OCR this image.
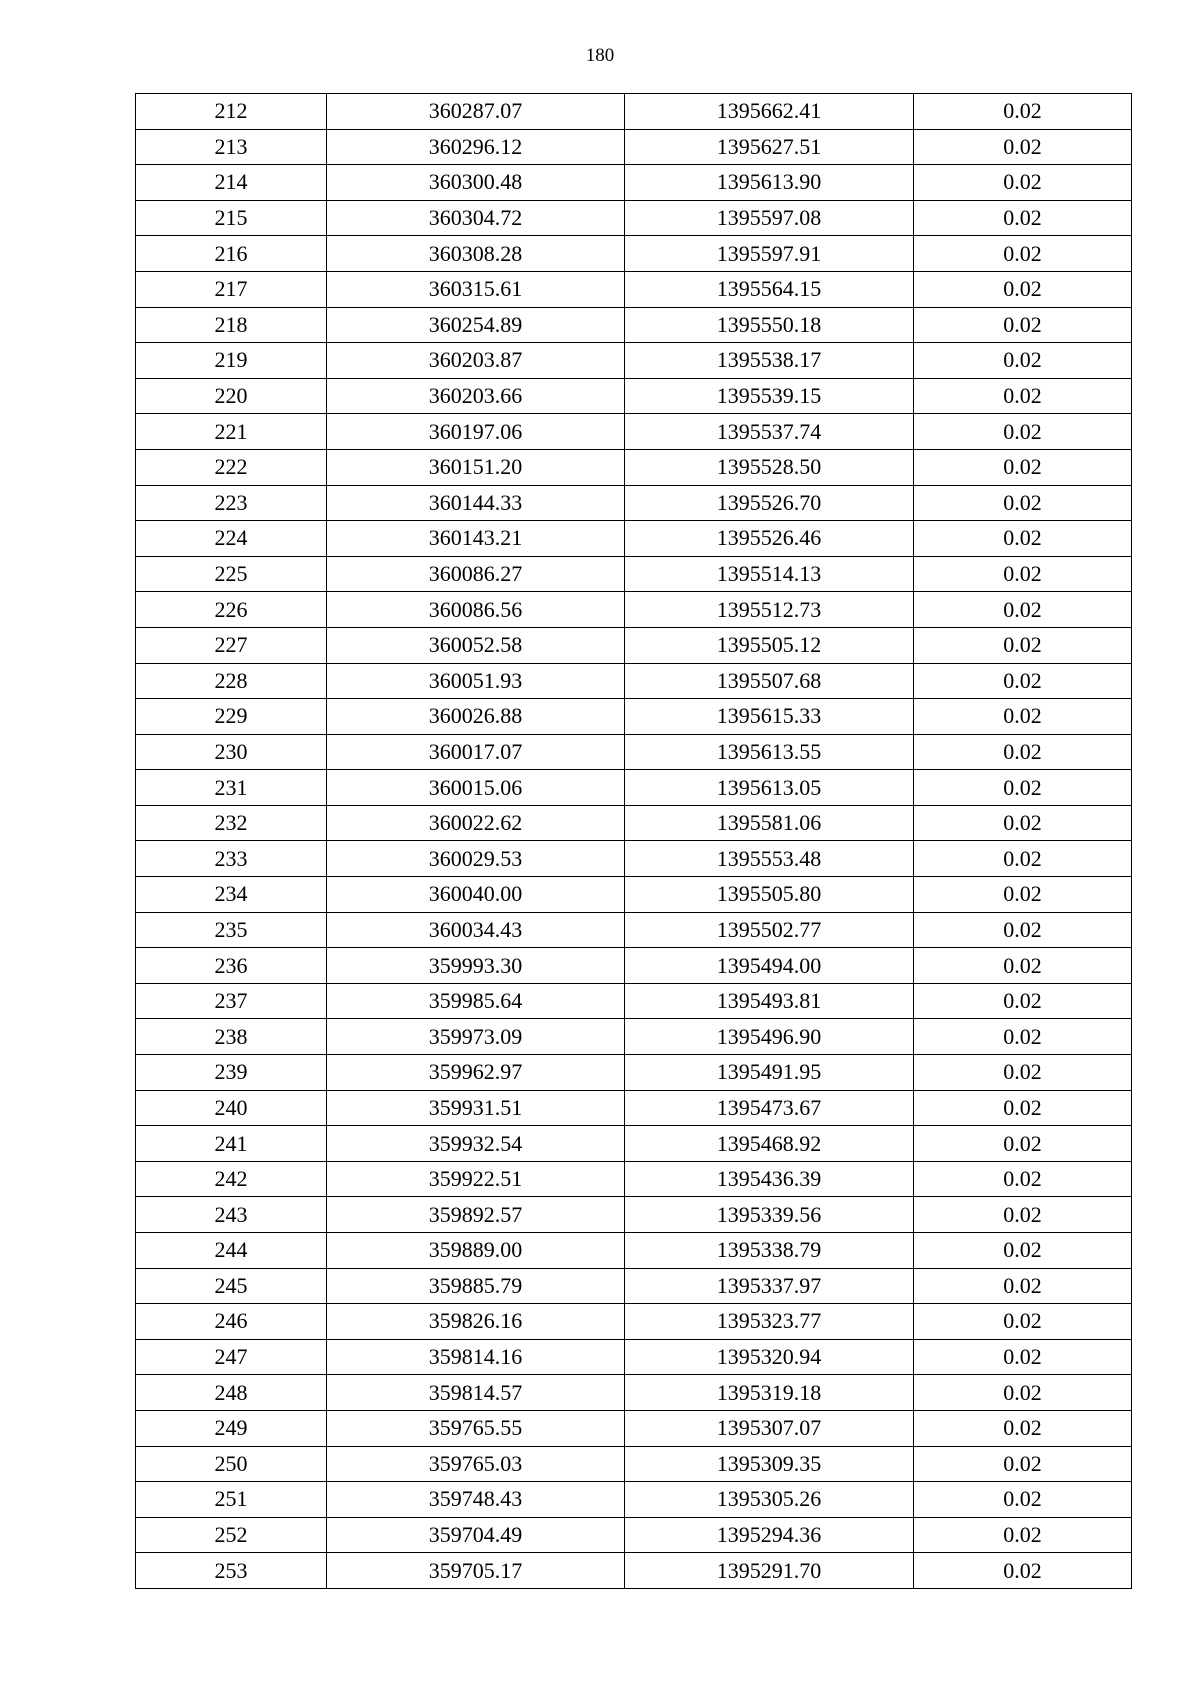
180
212	360287.07	1395662.41	0.02
213	360296.12	1395627.51	0.02
214	360300.48	1395613.90	0.02
215	360304.72	1395597.08	0.02
216	360308.28	1395597.91	0.02
217	360315.61	1395564.15	0.02
218	360254.89	1395550.18	0.02
219	360203.87	1395538.17	0.02
220	360203.66	1395539.15	0.02
221	360197.06	1395537.74	0.02
222	360151.20	1395528.50	0.02
223	360144.33	1395526.70	0.02
224	360143.21	1395526.46	0.02
225	360086.27	1395514.13	0.02
226	360086.56	1395512.73	0.02
227	360052.58	1395505.12	0.02
228	360051.93	1395507.68	0.02
229	360026.88	1395615.33	0.02
230	360017.07	1395613.55	0.02
231	360015.06	1395613.05	0.02
232	360022.62	1395581.06	0.02
233	360029.53	1395553.48	0.02
234	360040.00	1395505.80	0.02
235	360034.43	1395502.77	0.02
236	359993.30	1395494.00	0.02
237	359985.64	1395493.81	0.02
238	359973.09	1395496.90	0.02
239	359962.97	1395491.95	0.02
240	359931.51	1395473.67	0.02
241	359932.54	1395468.92	0.02
242	359922.51	1395436.39	0.02
243	359892.57	1395339.56	0.02
244	359889.00	1395338.79	0.02
245	359885.79	1395337.97	0.02
246	359826.16	1395323.77	0.02
247	359814.16	1395320.94	0.02
248	359814.57	1395319.18	0.02
249	359765.55	1395307.07	0.02
250	359765.03	1395309.35	0.02
251	359748.43	1395305.26	0.02
252	359704.49	1395294.36	0.02
253	359705.17	1395291.70	0.02
